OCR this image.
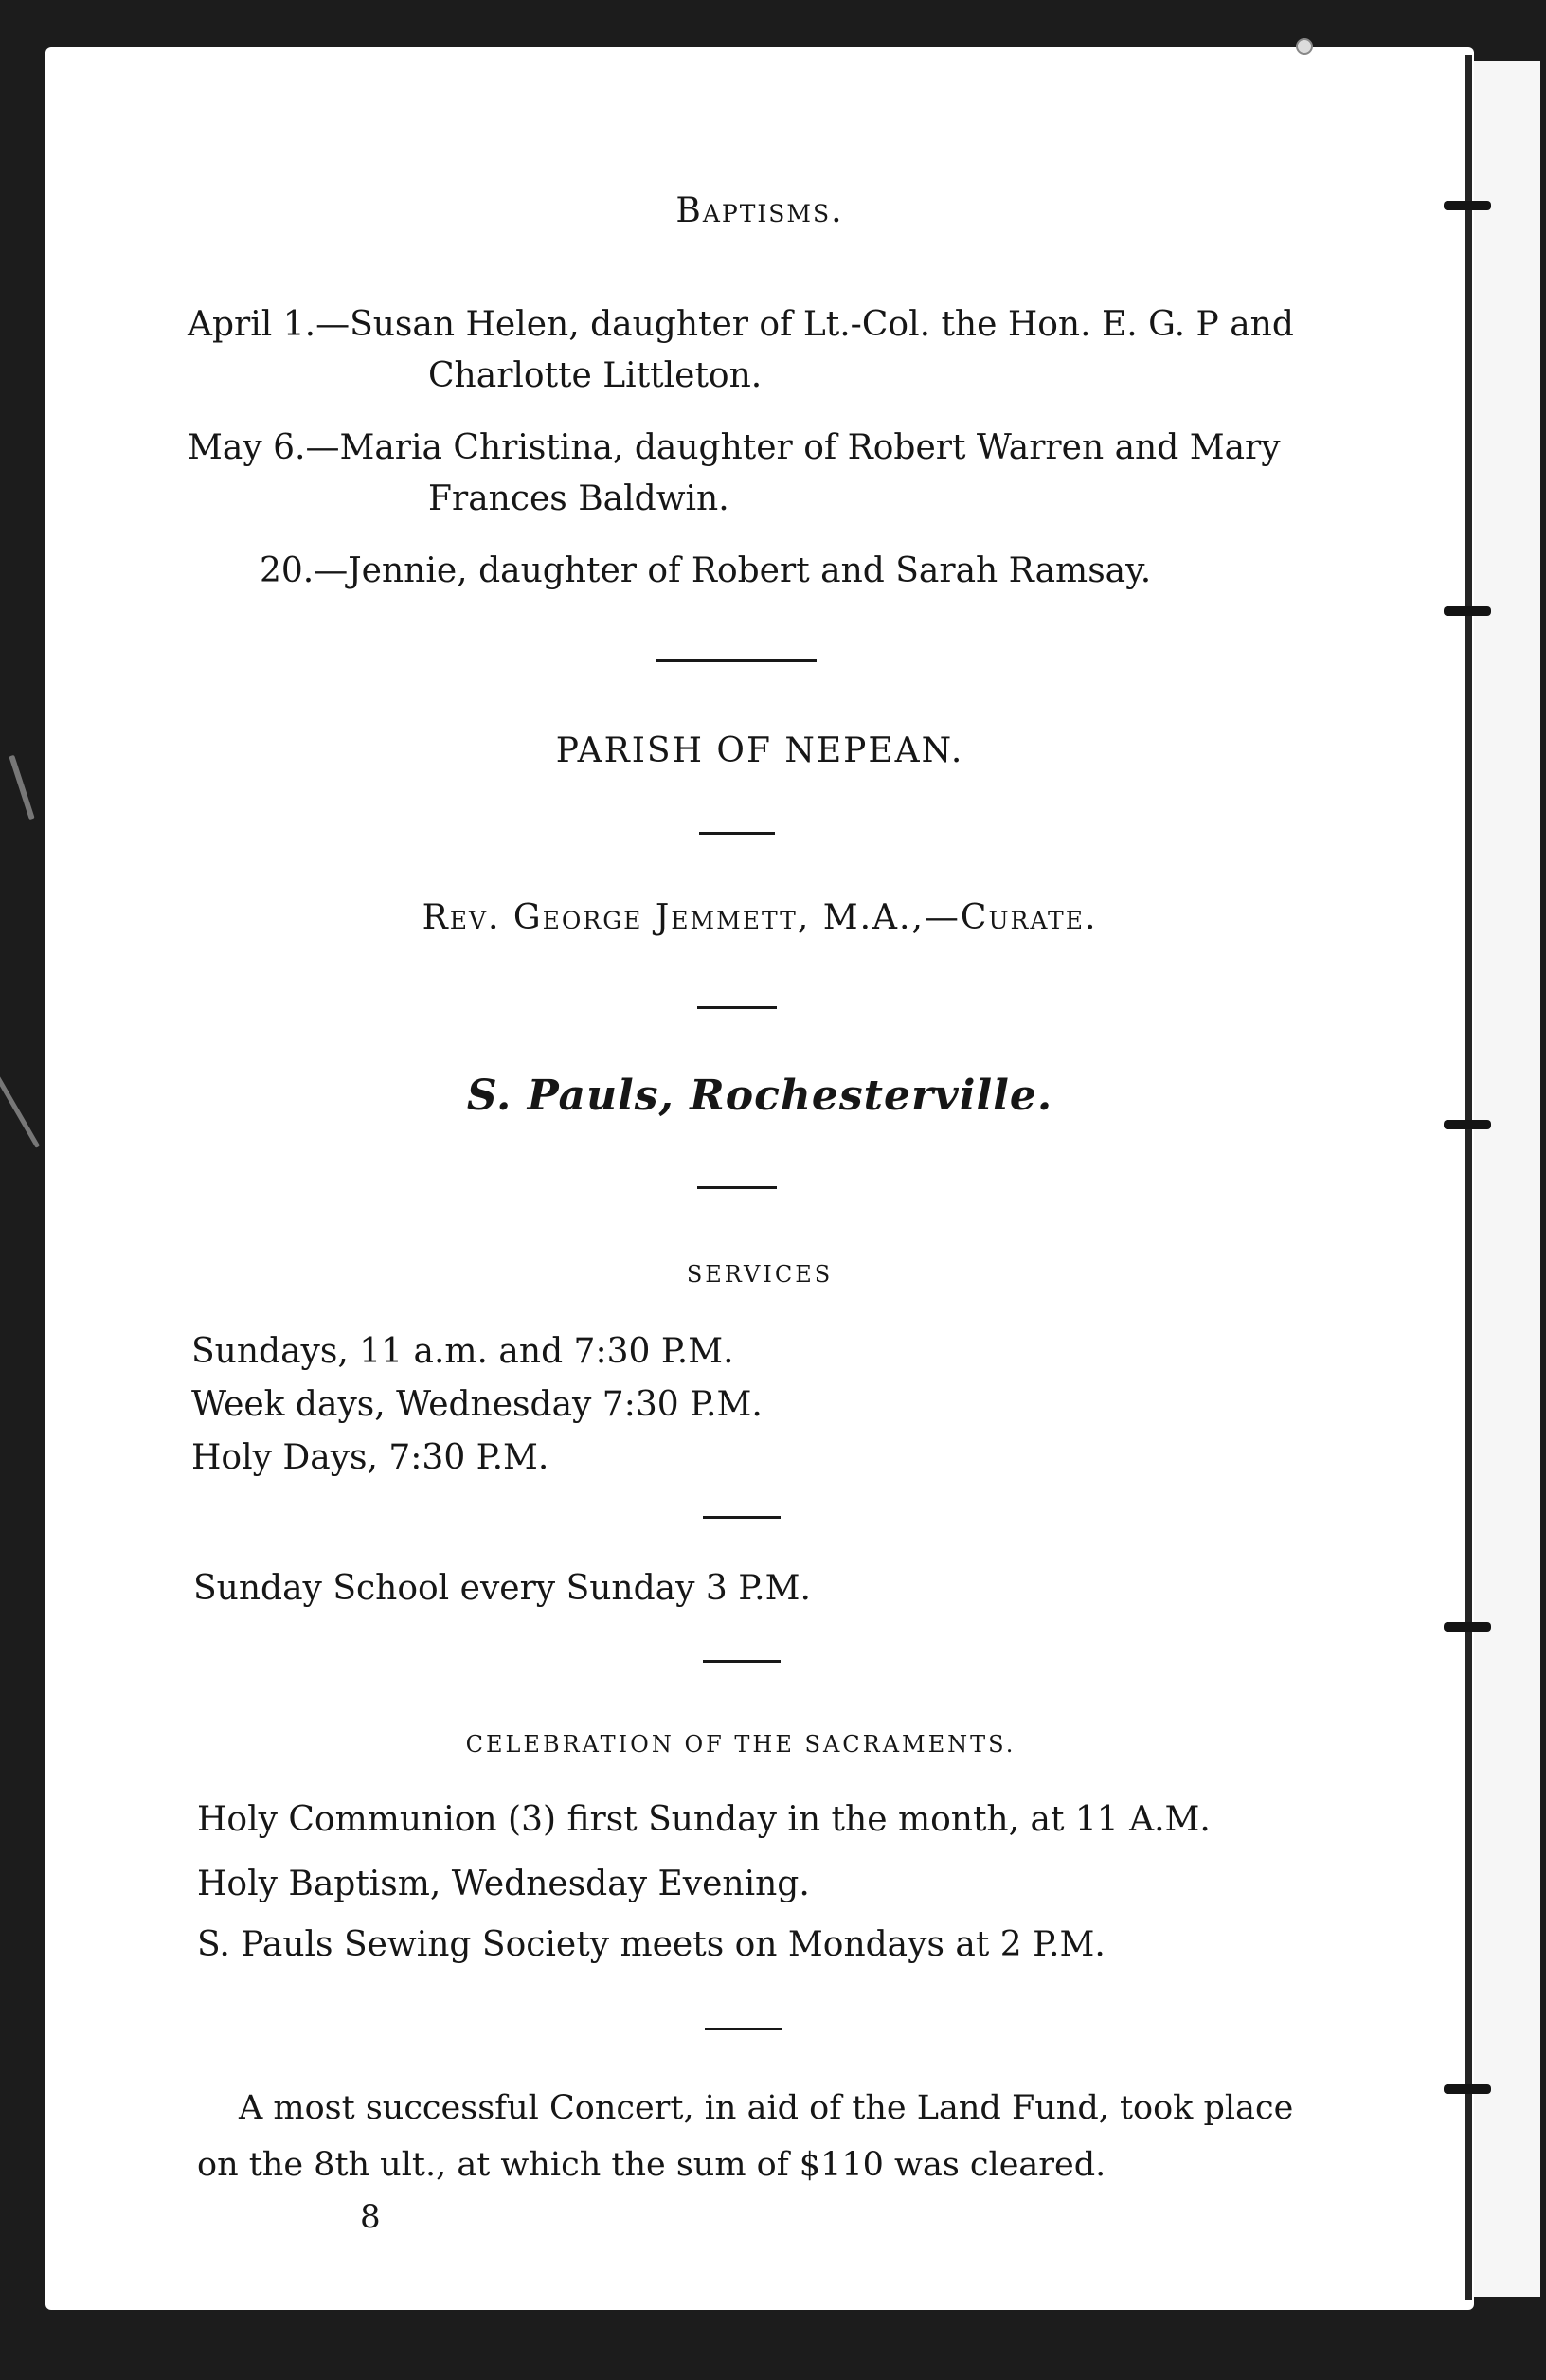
Baptisms.
April 1.—Susan Helen, daughter of Lt.-Col. the Hon. E. G. P and
Charlotte Littleton.
May 6.—Maria Christina, daughter of Robert Warren and Mary
Frances Baldwin.
20.—Jennie, daughter of Robert and Sarah Ramsay.
PARISH OF NEPEAN.
Rev. George Jemmett, M.A.,—Curate.
S. Pauls, Rochesterville.
SERVICES
Sundays, 11 a.m. and 7:30 P.M.
Week days, Wednesday 7:30 P.M.
Holy Days, 7:30 P.M.
Sunday School every Sunday 3 P.M.
CELEBRATION OF THE SACRAMENTS.
Holy Communion (3) first Sunday in the month, at 11 A.M.
Holy Baptism, Wednesday Evening.
S. Pauls Sewing Society meets on Mondays at 2 P.M.
A most successful Concert, in aid of the Land Fund, took place
on the 8th ult., at which the sum of $110 was cleared.
8
